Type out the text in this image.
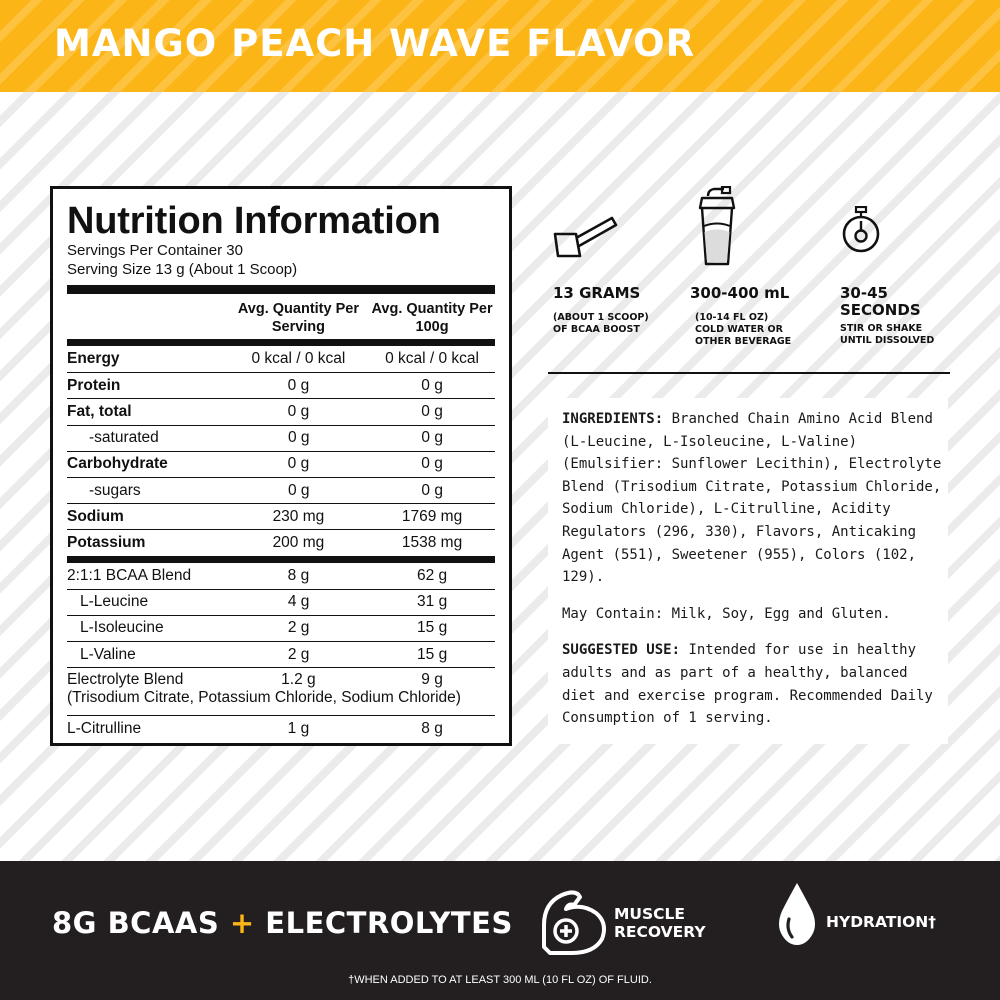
MANGO PEACH WAVE FLAVOR
Nutrition Information
Servings Per Container 30
Serving Size 13 g (About 1 Scoop)
Avg. Quantity Per Serving
Avg. Quantity Per 100g
Energy	0 kcal / 0 kcal	0 kcal / 0 kcal
Protein	0 g	0 g
Fat, total	0 g	0 g
-saturated	0 g	0 g
Carbohydrate	0 g	0 g
-sugars	0 g	0 g
Sodium	230 mg	1769 mg
Potassium	200 mg	1538 mg
2:1:1 BCAA Blend	8 g	62 g
L-Leucine	4 g	31 g
L-Isoleucine	2 g	15 g
L-Valine	2 g	15 g
Electrolyte Blend	1.2 g	9 g
(Trisodium Citrate, Potassium Chloride, Sodium Chloride)
L-Citrulline	1 g	8 g
13 GRAMS
(ABOUT 1 SCOOP)
OF BCAA BOOST
300-400 mL
(10-14 FL OZ)
COLD WATER OR
OTHER BEVERAGE
30-45
SECONDS
STIR OR SHAKE
UNTIL DISSOLVED

INGREDIENTS: Branched Chain Amino Acid Blend (L-Leucine, L-Isoleucine, L-Valine) (Emulsifier: Sunflower Lecithin), Electrolyte Blend (Trisodium Citrate, Potassium Chloride, Sodium Chloride), L-Citrulline, Acidity Regulators (296, 330), Flavors, Anticaking Agent (551), Sweetener (955), Colors (102, 129).

May Contain: Milk, Soy, Egg and Gluten.

SUGGESTED USE: Intended for use in healthy adults and as part of a healthy, balanced diet and exercise program. Recommended Daily Consumption of 1 serving.

8G BCAAS + ELECTROLYTES	MUSCLE
RECOVERY
HYDRATION†
†WHEN ADDED TO AT LEAST 300 ML (10 FL OZ) OF FLUID.
